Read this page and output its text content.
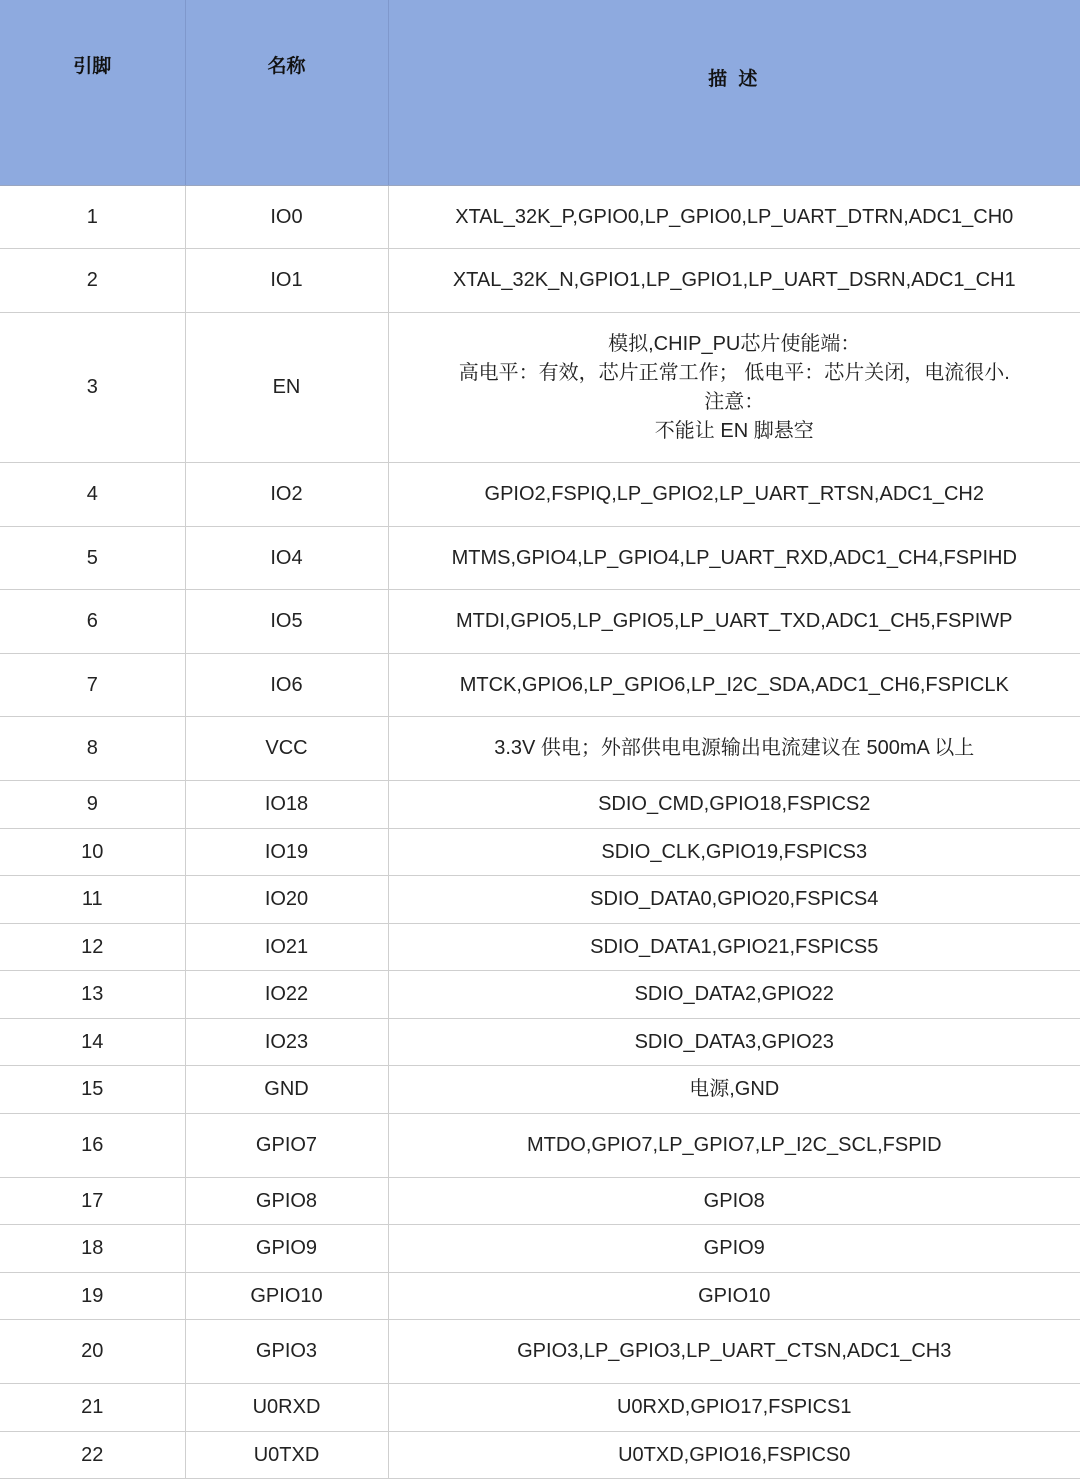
引脚	名称	描 述
1	IO0	XTAL_32K_P,GPIO0,LP_GPIO0,LP_UART_DTRN,ADC1_CH0

2	IO1	XTAL_32K_N,GPIO1,LP_GPIO1,LP_UART_DSRN,ADC1_CH1

3	EN	模拟,CHIP_PU芯片使能端：
高电平：有效，芯片正常工作； 低电平：芯片关闭，电流很小.
注意：
不能让 EN 脚悬空

4	IO2	GPIO2,FSPIQ,LP_GPIO2,LP_UART_RTSN,ADC1_CH2

5	IO4	MTMS,GPIO4,LP_GPIO4,LP_UART_RXD,ADC1_CH4,FSPIHD

6	IO5	MTDI,GPIO5,LP_GPIO5,LP_UART_TXD,ADC1_CH5,FSPIWP

7	IO6	MTCK,GPIO6,LP_GPIO6,LP_I2C_SDA,ADC1_CH6,FSPICLK

8	VCC	3.3V 供电；外部供电电源输出电流建议在 500mA 以上

9	IO18	SDIO_CMD,GPIO18,FSPICS2

10	IO19	SDIO_CLK,GPIO19,FSPICS3

11	IO20	SDIO_DATA0,GPIO20,FSPICS4

12	IO21	SDIO_DATA1,GPIO21,FSPICS5

13	IO22	SDIO_DATA2,GPIO22

14	IO23	SDIO_DATA3,GPIO23

15	GND	电源,GND

16	GPIO7	MTDO,GPIO7,LP_GPIO7,LP_I2C_SCL,FSPID

17	GPIO8	GPIO8

18	GPIO9	GPIO9

19	GPIO10	GPIO10

20	GPIO3	GPIO3,LP_GPIO3,LP_UART_CTSN,ADC1_CH3

21	U0RXD	U0RXD,GPIO17,FSPICS1

22	U0TXD	U0TXD,GPIO16,FSPICS0
